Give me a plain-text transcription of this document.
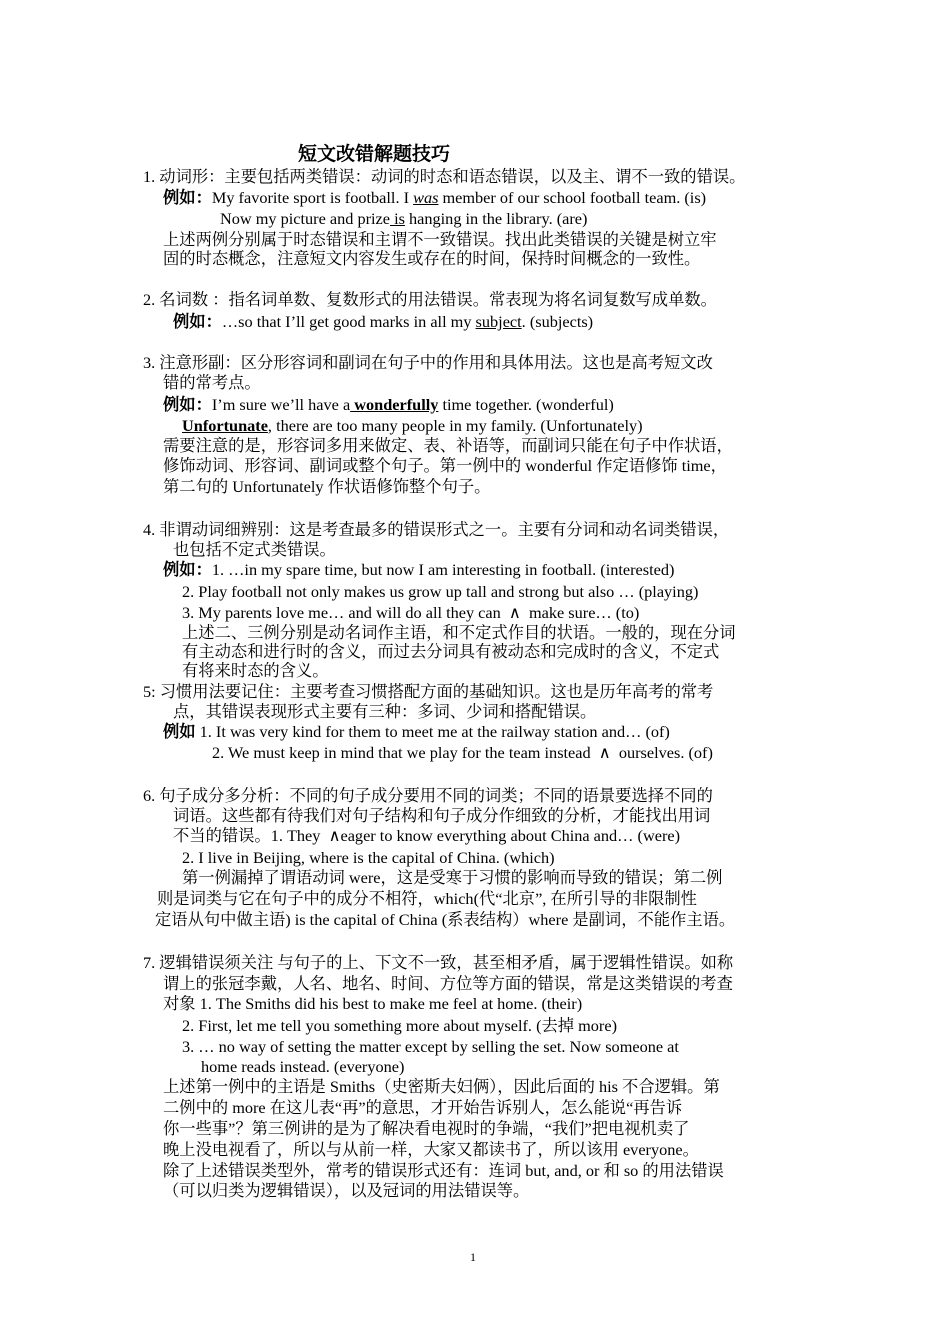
短文改错解题技巧
1. 动词形：主要包括两类错误：动词的时态和语态错误，以及主、谓不一致的错误。
例如：My favorite sport is football. I was member of our school football team. (is)
Now my picture and prize is hanging in the library. (are)
上述两例分别属于时态错误和主谓不一致错误。找出此类错误的关键是树立牢
固的时态概念，注意短文内容发生或存在的时间，保持时间概念的一致性。
2. 名词数 ：指名词单数、复数形式的用法错误。常表现为将名词复数写成单数。
例如：…so that I’ll get good marks in all my subject. (subjects)
3. 注意形副：区分形容词和副词在句子中的作用和具体用法。这也是高考短文改
错的常考点。
例如：I’m sure we’ll have a wonderfully time together. (wonderful)
Unfortunate, there are too many people in my family. (Unfortunately)
需要注意的是，形容词多用来做定、表、补语等，而副词只能在句子中作状语，
修饰动词、形容词、副词或整个句子。第一例中的 wonderful 作定语修饰 time，
第二句的 Unfortunately 作状语修饰整个句子。
4. 非谓动词细辨别：这是考查最多的错误形式之一。主要有分词和动名词类错误，
也包括不定式类错误。
例如：1. …in my spare time, but now I am interesting in football. (interested)
2. Play football not only makes us grow up tall and strong but also … (playing)
3. My parents love me… and will do all they can  ∧  make sure… (to)
上述二、三例分别是动名词作主语，和不定式作目的状语。一般的，现在分词
有主动态和进行时的含义，而过去分词具有被动态和完成时的含义，不定式
有将来时态的含义。
5: 习惯用法要记住：主要考查习惯搭配方面的基础知识。这也是历年高考的常考
点，其错误表现形式主要有三种：多词、少词和搭配错误。
例如 1. It was very kind for them to meet me at the railway station and… (of)
2. We must keep in mind that we play for the team instead  ∧  ourselves. (of)
6. 句子成分多分析：不同的句子成分要用不同的词类；不同的语景要选择不同的
词语。这些都有待我们对句子结构和句子成分作细致的分析，才能找出用词
不当的错误。1. They  ∧eager to know everything about China and… (were)
2. I live in Beijing, where is the capital of China. (which)
第一例漏掉了谓语动词 were，这是受寒于习惯的影响而导致的错误；第二例
则是词类与它在句子中的成分不相符，which(代“北京”, 在所引导的非限制性
定语从句中做主语) is the capital of China (系表结构）where 是副词，不能作主语。
7. 逻辑错误须关注 与句子的上、下文不一致，甚至相矛盾，属于逻辑性错误。如称
谓上的张冠李戴，人名、地名、时间、方位等方面的错误，常是这类错误的考查
对象 1. The Smiths did his best to make me feel at home. (their)
2. First, let me tell you something more about myself. (去掉 more)
3. … no way of setting the matter except by selling the set. Now someone at
home reads instead. (everyone)
上述第一例中的主语是 Smiths（史密斯夫妇俩），因此后面的 his 不合逻辑。第
二例中的 more 在这儿表“再”的意思，才开始告诉别人，怎么能说“再告诉
你一些事”？第三例讲的是为了解决看电视时的争端，“我们”把电视机卖了
晚上没电视看了，所以与从前一样，大家又都读书了，所以该用 everyone。
除了上述错误类型外，常考的错误形式还有：连词 but, and, or 和 so 的用法错误
（可以归类为逻辑错误），以及冠词的用法错误等。
1
